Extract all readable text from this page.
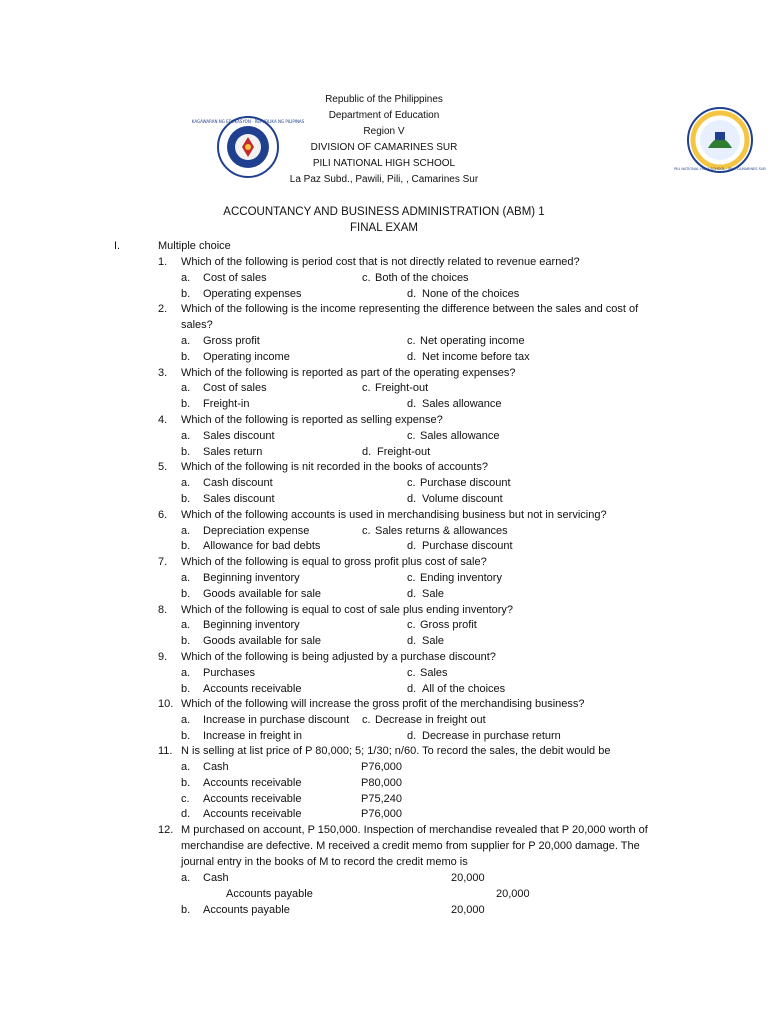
Republic of the Philippines
Department of Education
Region V
DIVISION OF CAMARINES SUR
PILI NATIONAL HIGH SCHOOL
La Paz Subd., Pawili, Pili, , Camarines Sur
KAGAWARAN NG EDUKASYON · REPUBLIKA NG PILIPINAS
PILI NATIONAL HIGH SCHOOL · PILI, CAMARINES SUR
ACCOUNTANCY AND BUSINESS ADMINISTRATION (ABM) 1
FINAL EXAM
I.	Multiple choice
1. Which of the following is period cost that is not directly related to revenue earned?
a. Cost of sales	c. Both of the choices
b. Operating expenses	d. None of the choices
2. Which of the following is the income representing the difference between the sales and cost of
sales?
a. Gross profit	c. Net operating income
b. Operating income	d. Net income before tax
3. Which of the following is reported as part of the operating expenses?
a. Cost of sales	c. Freight-out
b. Freight-in	d. Sales allowance
4. Which of the following is reported as selling expense?
a. Sales discount	c. Sales allowance
b. Sales return	d. Freight-out
5. Which of the following is nit recorded in the books of accounts?
a. Cash discount	c. Purchase discount
b. Sales discount	d. Volume discount
6. Which of the following accounts is used in merchandising business but not in servicing?
a. Depreciation expense	c. Sales returns & allowances
b. Allowance for bad debts	d. Purchase discount
7. Which of the following is equal to gross profit plus cost of sale?
a. Beginning inventory	c. Ending inventory
b. Goods available for sale	d. Sale
8. Which of the following is equal to cost of sale plus ending inventory?
a. Beginning inventory	c. Gross profit
b. Goods available for sale	d. Sale
9. Which of the following is being adjusted by a purchase discount?
a. Purchases	c. Sales
b. Accounts receivable	d. All of the choices
10. Which of the following will increase the gross profit of the merchandising business?
a. Increase in purchase discount c. Decrease in freight out
b. Increase in freight in	d. Decrease in purchase return
11. N is selling at list price of P 80,000; 5; 1/30; n/60. To record the sales, the debit would be
a. Cash	P76,000
b. Accounts receivable	P80,000
c. Accounts receivable	P75,240
d. Accounts receivable	P76,000
12. M purchased on account, P 150,000. Inspection of merchandise revealed that P 20,000 worth of
merchandise are defective. M received a credit memo from supplier for P 20,000 damage. The
journal entry in the books of M to record the credit memo is
a. Cash	20,000
Accounts payable	20,000
b. Accounts payable	20,000
